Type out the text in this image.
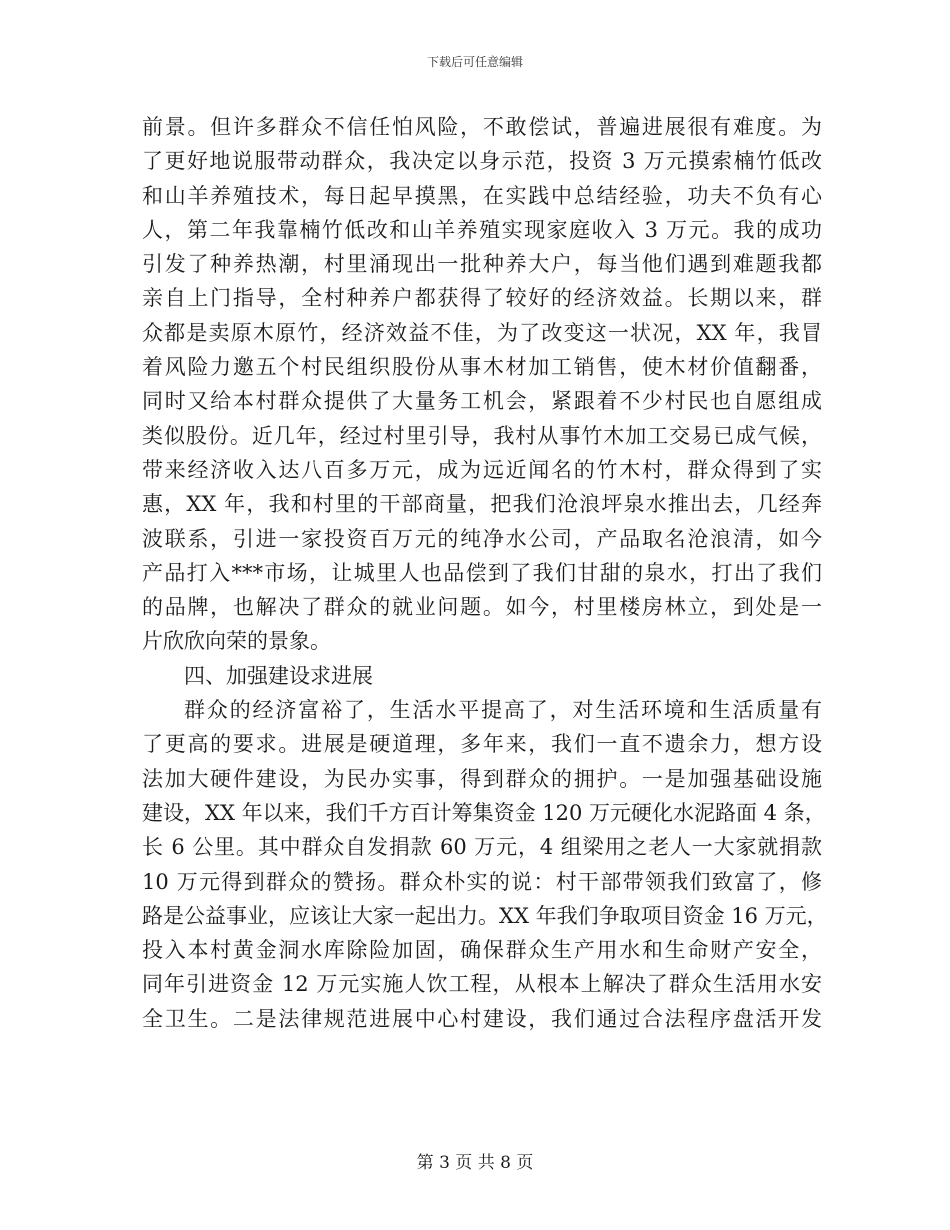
下载后可任意编辑
前景。但许多群众不信任怕风险，不敢偿试，普遍进展很有难度。为
了更好地说服带动群众，我决定以身示范，投资 3 万元摸索楠竹低改
和山羊养殖技术，每日起早摸黑，在实践中总结经验，功夫不负有心
人，第二年我靠楠竹低改和山羊养殖实现家庭收入 3 万元。我的成功
引发了种养热潮，村里涌现出一批种养大户，每当他们遇到难题我都
亲自上门指导，全村种养户都获得了较好的经济效益。长期以来，群
众都是卖原木原竹，经济效益不佳，为了改变这一状况，XX 年，我冒
着风险力邀五个村民组织股份从事木材加工销售，使木材价值翻番，
同时又给本村群众提供了大量务工机会，紧跟着不少村民也自愿组成
类似股份。近几年，经过村里引导，我村从事竹木加工交易已成气候，
带来经济收入达八百多万元，成为远近闻名的竹木村，群众得到了实
惠，XX 年，我和村里的干部商量，把我们沧浪坪泉水推出去，几经奔
波联系，引进一家投资百万元的纯净水公司，产品取名沧浪清，如今
产品打入***市场，让城里人也品偿到了我们甘甜的泉水，打出了我们
的品牌，也解决了群众的就业问题。如今，村里楼房林立，到处是一
片欣欣向荣的景象。
四、加强建设求进展
群众的经济富裕了，生活水平提高了，对生活环境和生活质量有
了更高的要求。进展是硬道理，多年来，我们一直不遗余力，想方设
法加大硬件建设，为民办实事，得到群众的拥护。一是加强基础设施
建设，XX 年以来，我们千方百计筹集资金 120 万元硬化水泥路面 4 条，
长 6 公里。其中群众自发捐款 60 万元，4 组梁用之老人一大家就捐款
10 万元得到群众的赞扬。群众朴实的说：村干部带领我们致富了，修
路是公益事业，应该让大家一起出力。XX 年我们争取项目资金 16 万元，
投入本村黄金洞水库除险加固，确保群众生产用水和生命财产安全，
同年引进资金 12 万元实施人饮工程，从根本上解决了群众生活用水安
全卫生。二是法律规范进展中心村建设，我们通过合法程序盘活开发
第 3 页 共 8 页
